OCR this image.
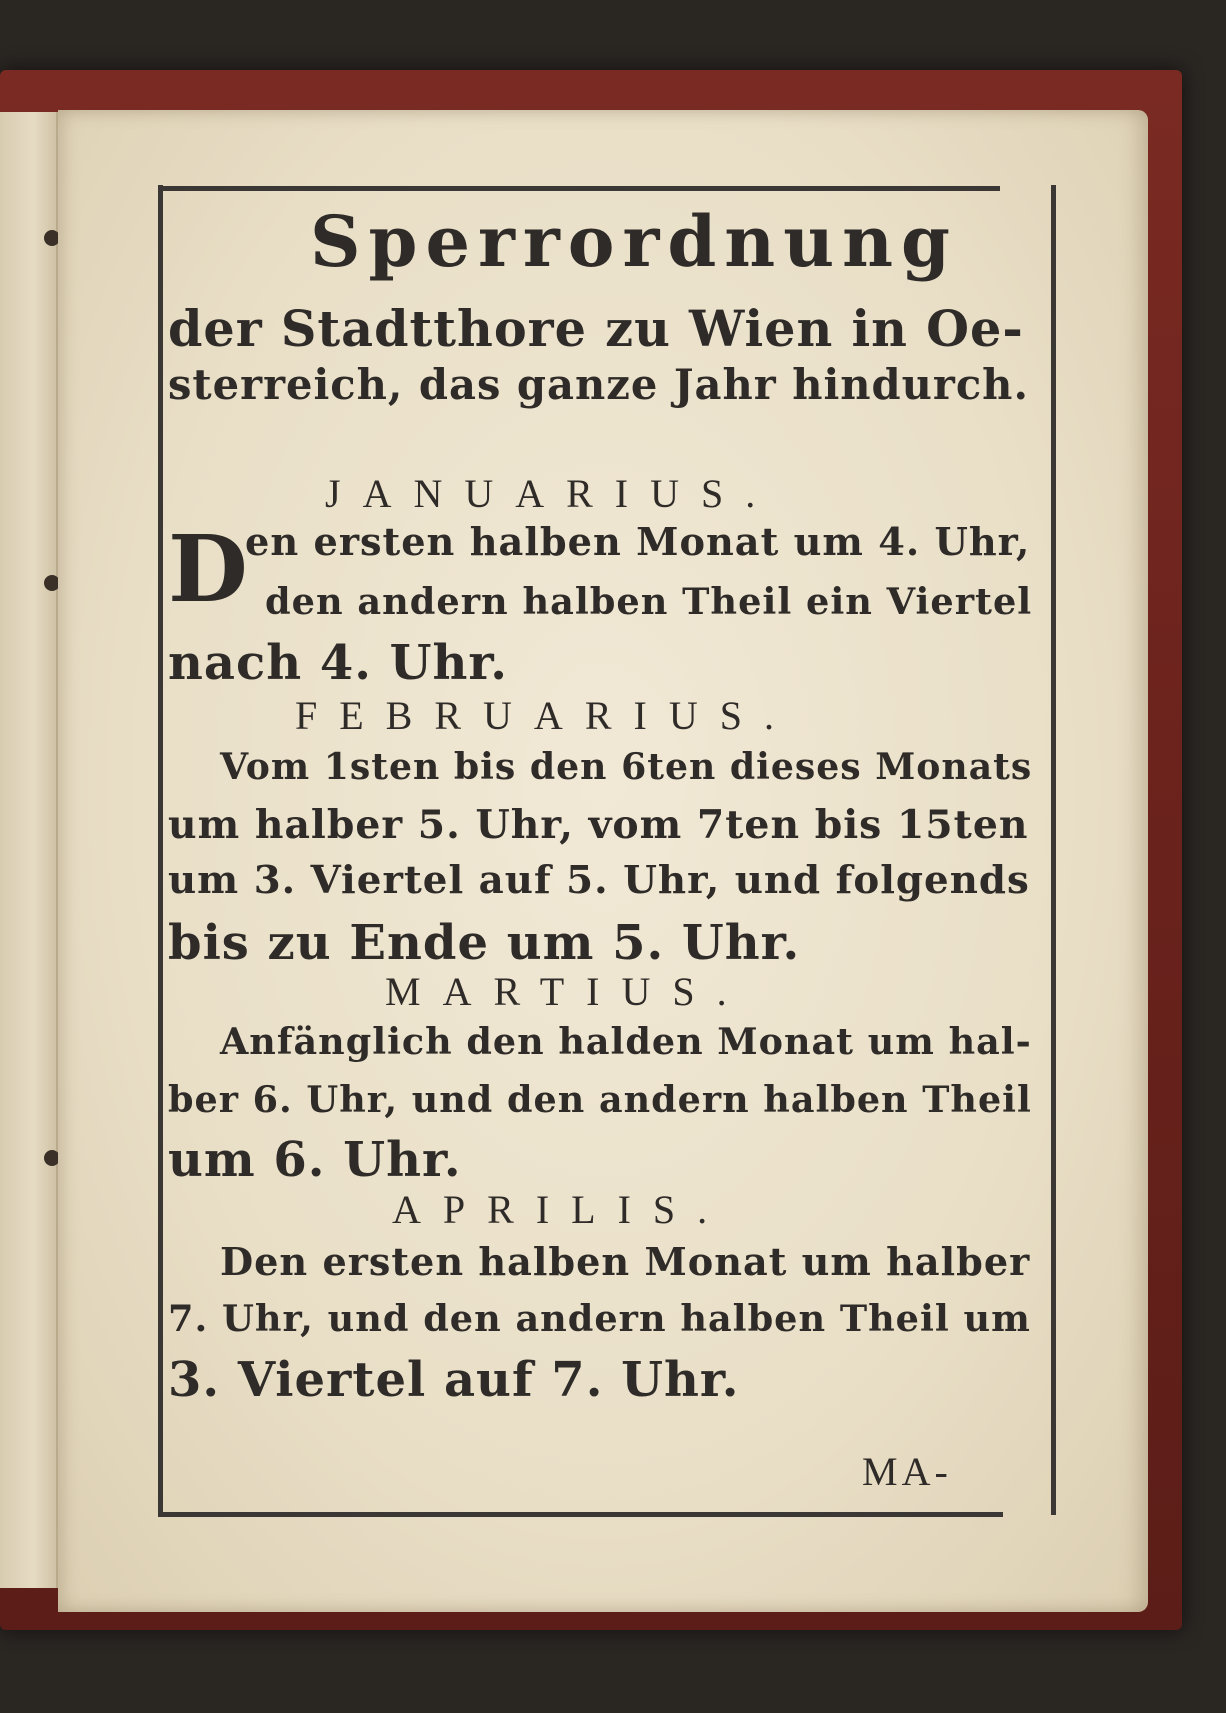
Sperrordnung
der Stadtthore zu Wien in Oe-
sterreich, das ganze Jahr hindurch.
JANUARIUS.
D
en ersten halben Monat um 4. Uhr,
den andern halben Theil ein Viertel
nach 4. Uhr.
FEBRUARIUS.
Vom 1sten bis den 6ten dieses Monats
um halber 5. Uhr, vom 7ten bis 15ten
um 3. Viertel auf 5. Uhr, und folgends
bis zu Ende um 5. Uhr.
MARTIUS.
Anfänglich den halden Monat um hal-
ber 6. Uhr, und den andern halben Theil
um 6. Uhr.
APRILIS.
Den ersten halben Monat um halber
7. Uhr, und den andern halben Theil um
3. Viertel auf 7. Uhr.
MA-
